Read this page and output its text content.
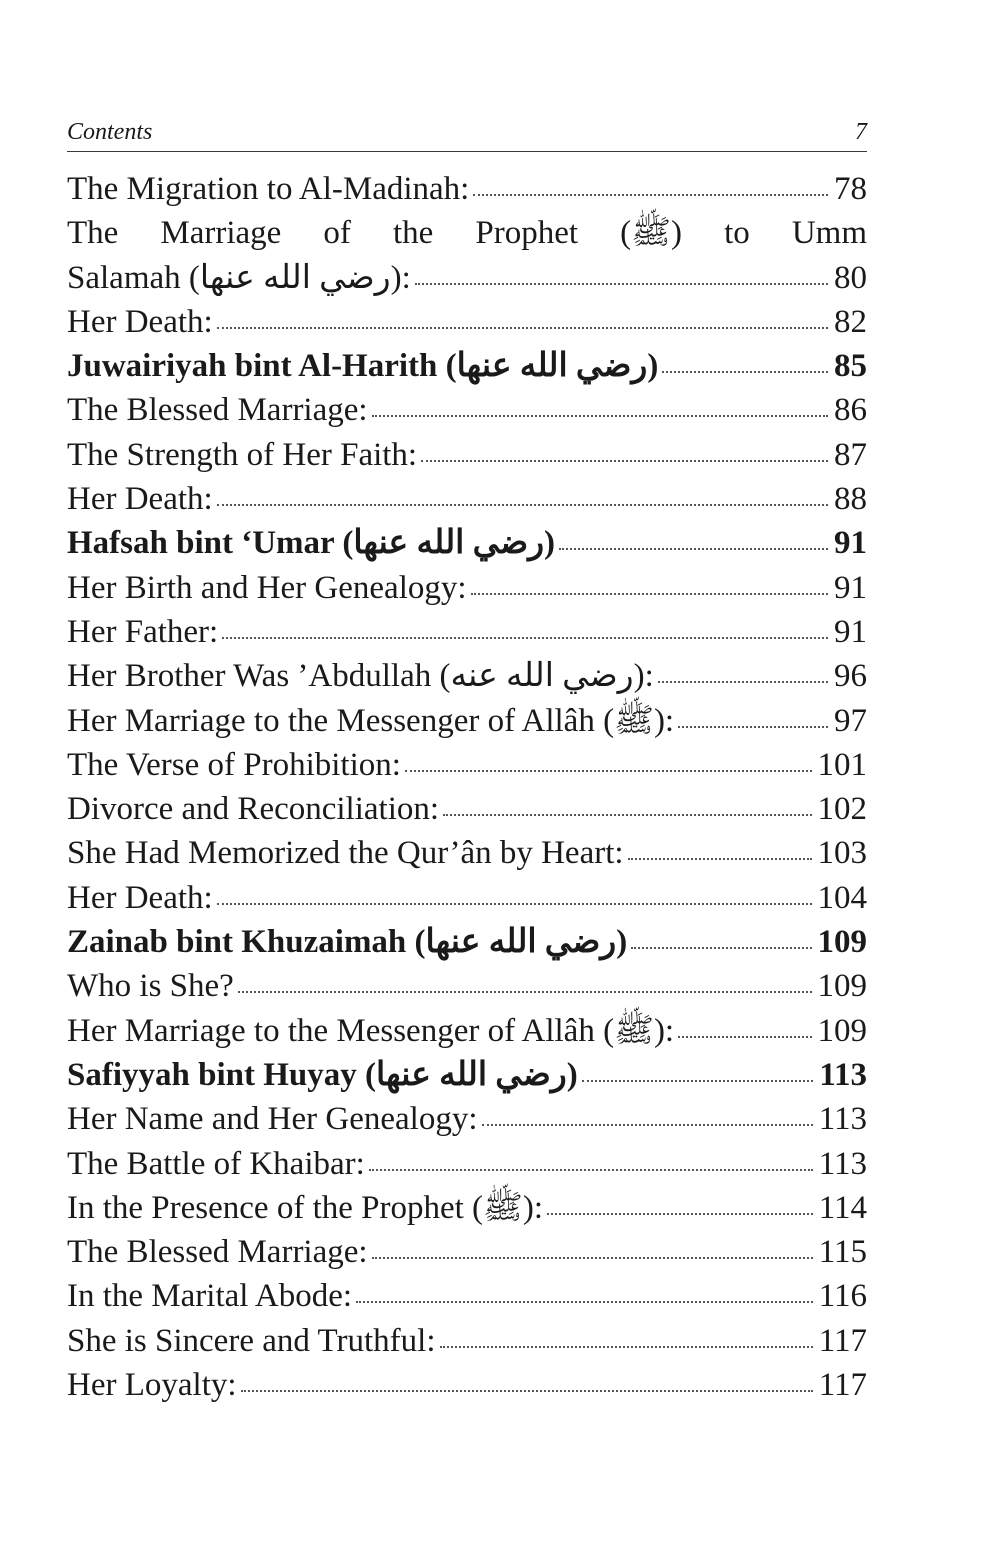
Contents	7
The Migration to Al-Madinah:	78
The Marriage of the Prophet (ﷺ) to Umm
Salamah (رضي الله عنها):	80
Her Death:	82
Juwairiyah bint Al-Harith (رضي الله عنها)	85
The Blessed Marriage:	86
The Strength of Her Faith:	87
Her Death:	88
Hafsah bint ‘Umar (رضي الله عنها)	91
Her Birth and Her Genealogy:	91
Her Father:	91
Her Brother Was ’Abdullah (رضي الله عنه):	96
Her Marriage to the Messenger of Allâh (ﷺ):	97
The Verse of Prohibition:	101
Divorce and Reconciliation:	102
She Had Memorized the Qur’ân by Heart:	103
Her Death:	104
Zainab bint Khuzaimah (رضي الله عنها)	109
Who is She?	109
Her Marriage to the Messenger of Allâh (ﷺ):	109
Safiyyah bint Huyay (رضي الله عنها)	113
Her Name and Her Genealogy:	113
The Battle of Khaibar:	113
In the Presence of the Prophet (ﷺ):	114
The Blessed Marriage:	115
In the Marital Abode:	116
She is Sincere and Truthful:	117
Her Loyalty:	117
